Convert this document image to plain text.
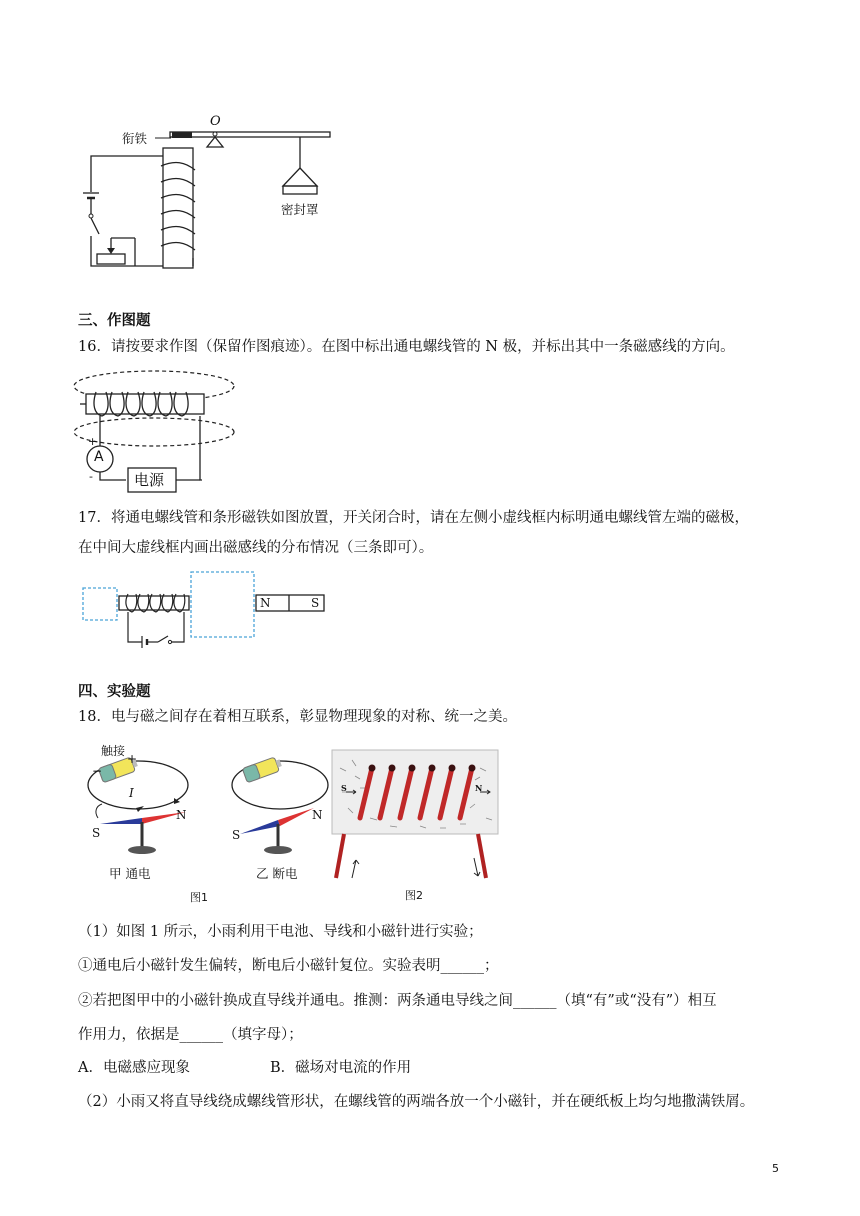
衔铁
O
密封罩
三、作图题
16．请按要求作图（保留作图痕迹）。在图中标出通电螺线管的 N 极，并标出其中一条磁感线的方向。
A
电源
+
-
17．将通电螺线管和条形磁铁如图放置，开关闭合时，请在左侧小虚线框内标明通电螺线管左端的磁极，
在中间大虚线框内画出磁感线的分布情况（三条即可）。
N	S
四、实验题
18．电与磁之间存在着相互联系，彰显物理现象的对称、统一之美。
触接
+
−
I
S
N
甲 通电
S
N
乙 断电
图1
S	N
图2
（1）如图 1 所示，小雨利用干电池、导线和小磁针进行实验；
①通电后小磁针发生偏转，断电后小磁针复位。实验表明______；
②若把图甲中的小磁针换成直导线并通电。推测：两条通电导线之间______（填“有”或“没有”）相互
作用力，依据是______（填字母）；
A．电磁感应现象	B．磁场对电流的作用
（2）小雨又将直导线绕成螺线管形状，在螺线管的两端各放一个小磁针，并在硬纸板上均匀地撒满铁屑。
5
